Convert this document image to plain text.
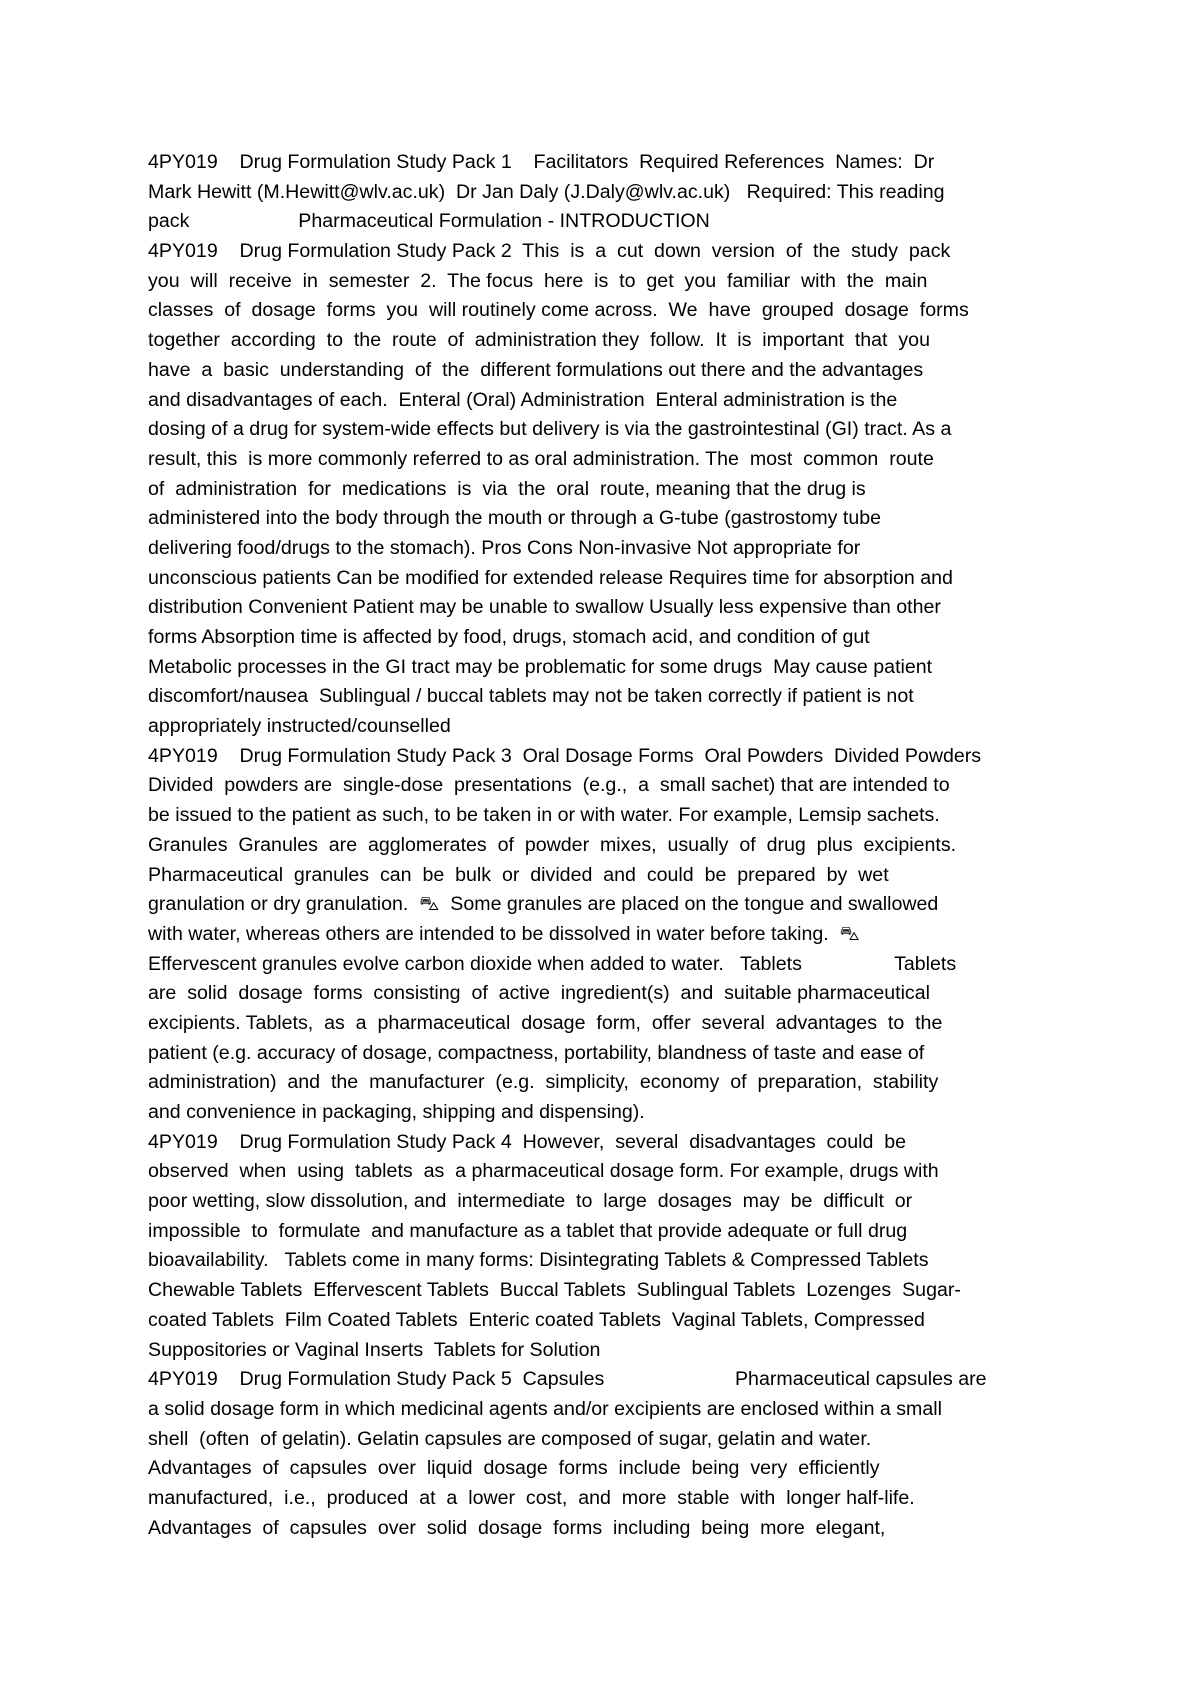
4PY019    Drug Formulation Study Pack 1    Facilitators  Required References  Names:  Dr
Mark Hewitt (M.Hewitt@wlv.ac.uk)  Dr Jan Daly (J.Daly@wlv.ac.uk)   Required: This reading
pack                    Pharmaceutical Formulation - INTRODUCTION
4PY019    Drug Formulation Study Pack 2  This  is  a  cut  down  version  of  the  study  pack
you  will  receive  in  semester  2.  The focus  here  is  to  get  you  familiar  with  the  main
classes  of  dosage  forms  you  will routinely come across.  We  have  grouped  dosage  forms
together  according  to  the  route  of  administration they  follow.  It  is  important  that  you
have  a  basic  understanding  of  the  different formulations out there and the advantages
and disadvantages of each.  Enteral (Oral) Administration  Enteral administration is the
dosing of a drug for system-wide effects but delivery is via the gastrointestinal (GI) tract. As a
result, this  is more commonly referred to as oral administration. The  most  common  route
of  administration  for  medications  is  via  the  oral  route, meaning that the drug is
administered into the body through the mouth or through a G-tube (gastrostomy tube
delivering food/drugs to the stomach). Pros Cons Non-invasive Not appropriate for
unconscious patients Can be modified for extended release Requires time for absorption and
distribution Convenient Patient may be unable to swallow Usually less expensive than other
forms Absorption time is affected by food, drugs, stomach acid, and condition of gut
Metabolic processes in the GI tract may be problematic for some drugs  May cause patient
discomfort/nausea  Sublingual / buccal tablets may not be taken correctly if patient is not
appropriately instructed/counselled
4PY019    Drug Formulation Study Pack 3  Oral Dosage Forms  Oral Powders  Divided Powders
Divided  powders are  single-dose  presentations  (e.g.,  a  small sachet) that are intended to
be issued to the patient as such, to be taken in or with water. For example, Lemsip sachets.
Granules  Granules  are  agglomerates  of  powder  mixes,  usually  of  drug  plus  excipients.
Pharmaceutical  granules  can  be  bulk  or  divided  and  could  be  prepared  by  wet
granulation or dry granulation.  ⛍  Some granules are placed on the tongue and swallowed
with water, whereas others are intended to be dissolved in water before taking.  ⛍
Effervescent granules evolve carbon dioxide when added to water.   Tablets                 Tablets
are  solid  dosage  forms  consisting  of  active  ingredient(s)  and  suitable pharmaceutical
excipients. Tablets,  as  a  pharmaceutical  dosage  form,  offer  several  advantages  to  the
patient (e.g. accuracy of dosage, compactness, portability, blandness of taste and ease of
administration)  and  the  manufacturer  (e.g.  simplicity,  economy  of  preparation,  stability
and convenience in packaging, shipping and dispensing).
4PY019    Drug Formulation Study Pack 4  However,  several  disadvantages  could  be
observed  when  using  tablets  as  a pharmaceutical dosage form. For example, drugs with
poor wetting, slow dissolution, and  intermediate  to  large  dosages  may  be  difficult  or
impossible  to  formulate  and manufacture as a tablet that provide adequate or full drug
bioavailability.   Tablets come in many forms: Disintegrating Tablets & Compressed Tablets
Chewable Tablets  Effervescent Tablets  Buccal Tablets  Sublingual Tablets  Lozenges  Sugar-
coated Tablets  Film Coated Tablets  Enteric coated Tablets  Vaginal Tablets, Compressed
Suppositories or Vaginal Inserts  Tablets for Solution
4PY019    Drug Formulation Study Pack 5  Capsules                        Pharmaceutical capsules are
a solid dosage form in which medicinal agents and/or excipients are enclosed within a small
shell  (often  of gelatin). Gelatin capsules are composed of sugar, gelatin and water.
Advantages  of  capsules  over  liquid  dosage  forms  include  being  very  efficiently
manufactured,  i.e.,  produced  at  a  lower  cost,  and  more  stable  with  longer half-life.
Advantages  of  capsules  over  solid  dosage  forms  including  being  more  elegant,
